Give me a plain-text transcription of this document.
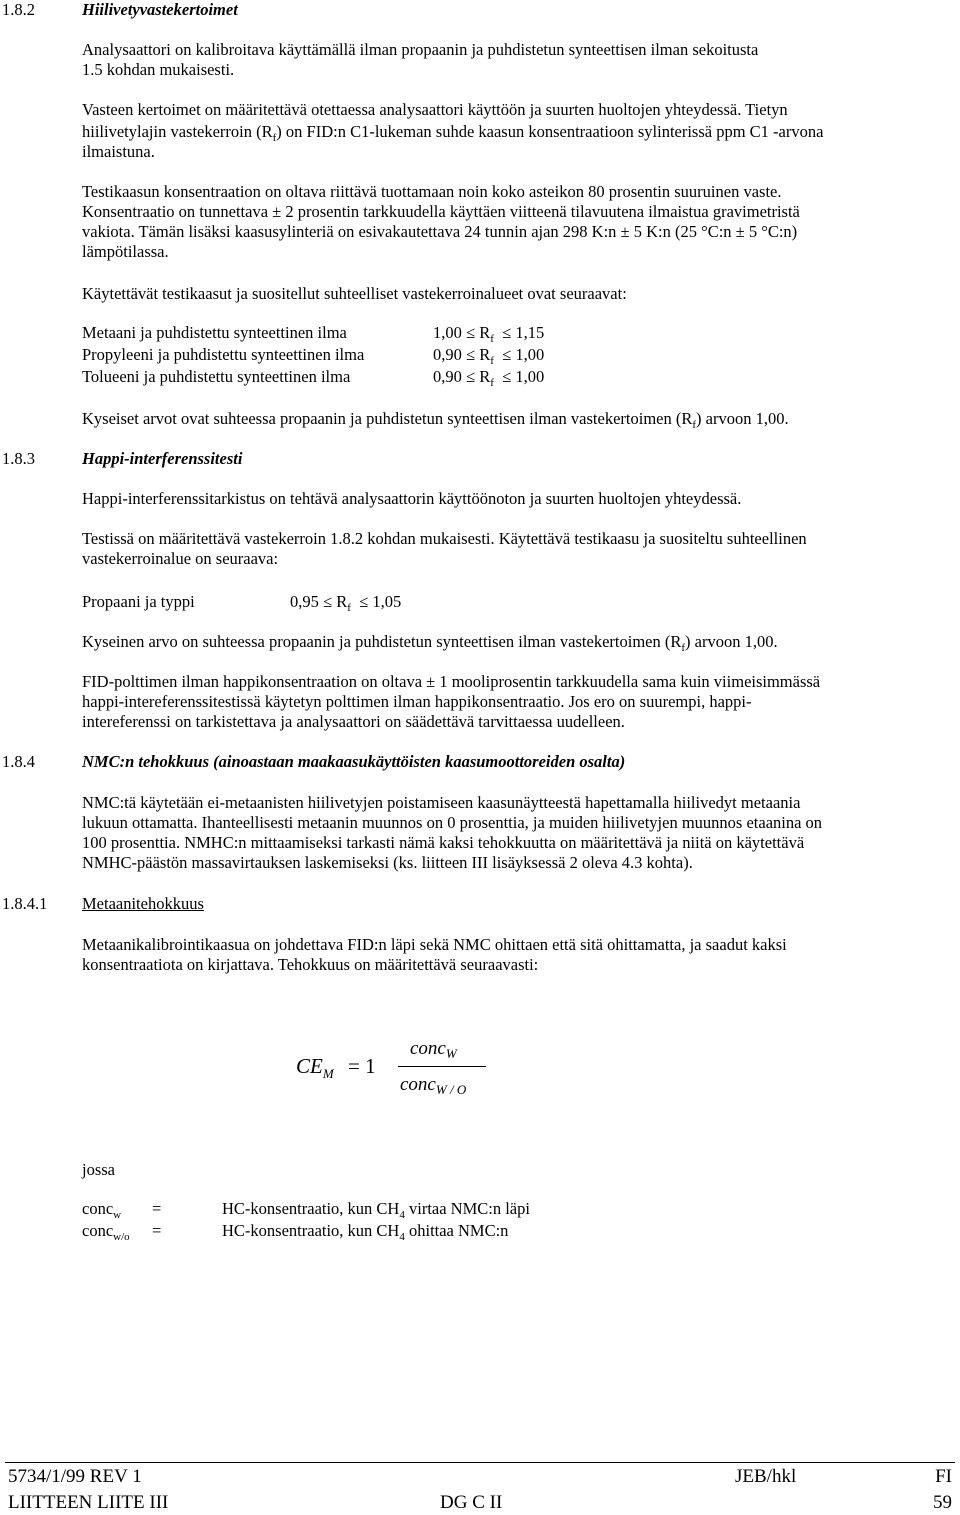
1.8.2	Hiilivetyvastekertoimet
Analysaattori on kalibroitava käyttämällä ilman propaanin ja puhdistetun synteettisen ilman sekoitusta
1.5 kohdan mukaisesti.
Vasteen kertoimet on määritettävä otettaessa analysaattori käyttöön ja suurten huoltojen yhteydessä. Tietyn
hiilivetylajin vastekerroin $(R_f)$ on FID:n C1-lukeman suhde kaasun konsentraatioon sylinterissä ppm C1 -arvona
ilmaistuna.
Testikaasun konsentraation on oltava riittävä tuottamaan noin koko asteikon 80 prosentin suuruinen vaste.
Konsentraatio on tunnettava ± 2 prosentin tarkkuudella käyttäen viitteenä tilavuutena ilmaistua gravimetristä
vakiota. Tämän lisäksi kaasusylinteriä on esivakautettava 24 tunnin ajan 298 K:n ± 5 K:n (25 °C:n ± 5 °C:n)
lämpötilassa.
Käytettävät testikaasut ja suositellut suhteelliset vastekerroinalueet ovat seuraavat:
Metaani ja puhdistettu synteettinen ilma	$1,00 \le R_f \le 1,15$
Propyleeni ja puhdistettu synteettinen ilma	$0,90 \le R_f \le 1,00$
Tolueeni ja puhdistettu synteettinen ilma	$0,90 \le R_f \le 1,00$
Kyseiset arvot ovat suhteessa propaanin ja puhdistetun synteettisen ilman vastekertoimen $(R_f)$ arvoon 1,00.
1.8.3	Happi-interferenssitesti
Happi-interferenssitarkistus on tehtävä analysaattorin käyttöönoton ja suurten huoltojen yhteydessä.
Testissä on määritettävä vastekerroin 1.8.2 kohdan mukaisesti. Käytettävä testikaasu ja suositeltu suhteellinen
vastekerroinalue on seuraava:
Propaani ja typpi	$0,95 \le R_f \le 1,05$
Kyseinen arvo on suhteessa propaanin ja puhdistetun synteettisen ilman vastekertoimen $(R_f)$ arvoon 1,00.
FID-polttimen ilman happikonsentraation on oltava ± 1 mooliprosentin tarkkuudella sama kuin viimeisimmässä
happi-intereferenssitestissä käytetyn polttimen ilman happikonsentraatio. Jos ero on suurempi, happi-
intereferenssi on tarkistettava ja analysaattori on säädettävä tarvittaessa uudelleen.
1.8.4	NMC:n tehokkuus (ainoastaan maakaasukäyttöisten kaasumoottoreiden osalta)
NMC:tä käytetään ei-metaanisten hiilivetyjen poistamiseen kaasunäytteestä hapettamalla hiilivedyt metaania
lukuun ottamatta. Ihanteellisesti metaanin muunnos on 0 prosenttia, ja muiden hiilivetyjen muunnos etaanina on
100 prosenttia. NMHC:n mittaamiseksi tarkasti nämä kaksi tehokkuutta on määritettävä ja niitä on käytettävä
NMHC-päästön massavirtauksen laskemiseksi (ks. liitteen III lisäyksessä 2 oleva 4.3 kohta).
1.8.4.1 Metaanitehokkuus
Metaanikalibrointikaasua on johdettava FID:n läpi sekä NMC ohittaen että sitä ohittamatta, ja saadut kaksi
konsentraatiota on kirjattava. Tehokkuus on määritettävä seuraavasti:
$CE_M = 1$
conc$_W$
conc$_{W / O}$
jossa
conc$_w$ =	HC-konsentraatio, kun $CH_4$ virtaa NMC:n läpi
conc$_{w/o}$ =	HC-konsentraatio, kun $CH_4$ ohittaa NMC:n
5734/1/99 REV 1	JEB/hkl	FI
LIITTEEN LIITE III	DG C II	59
